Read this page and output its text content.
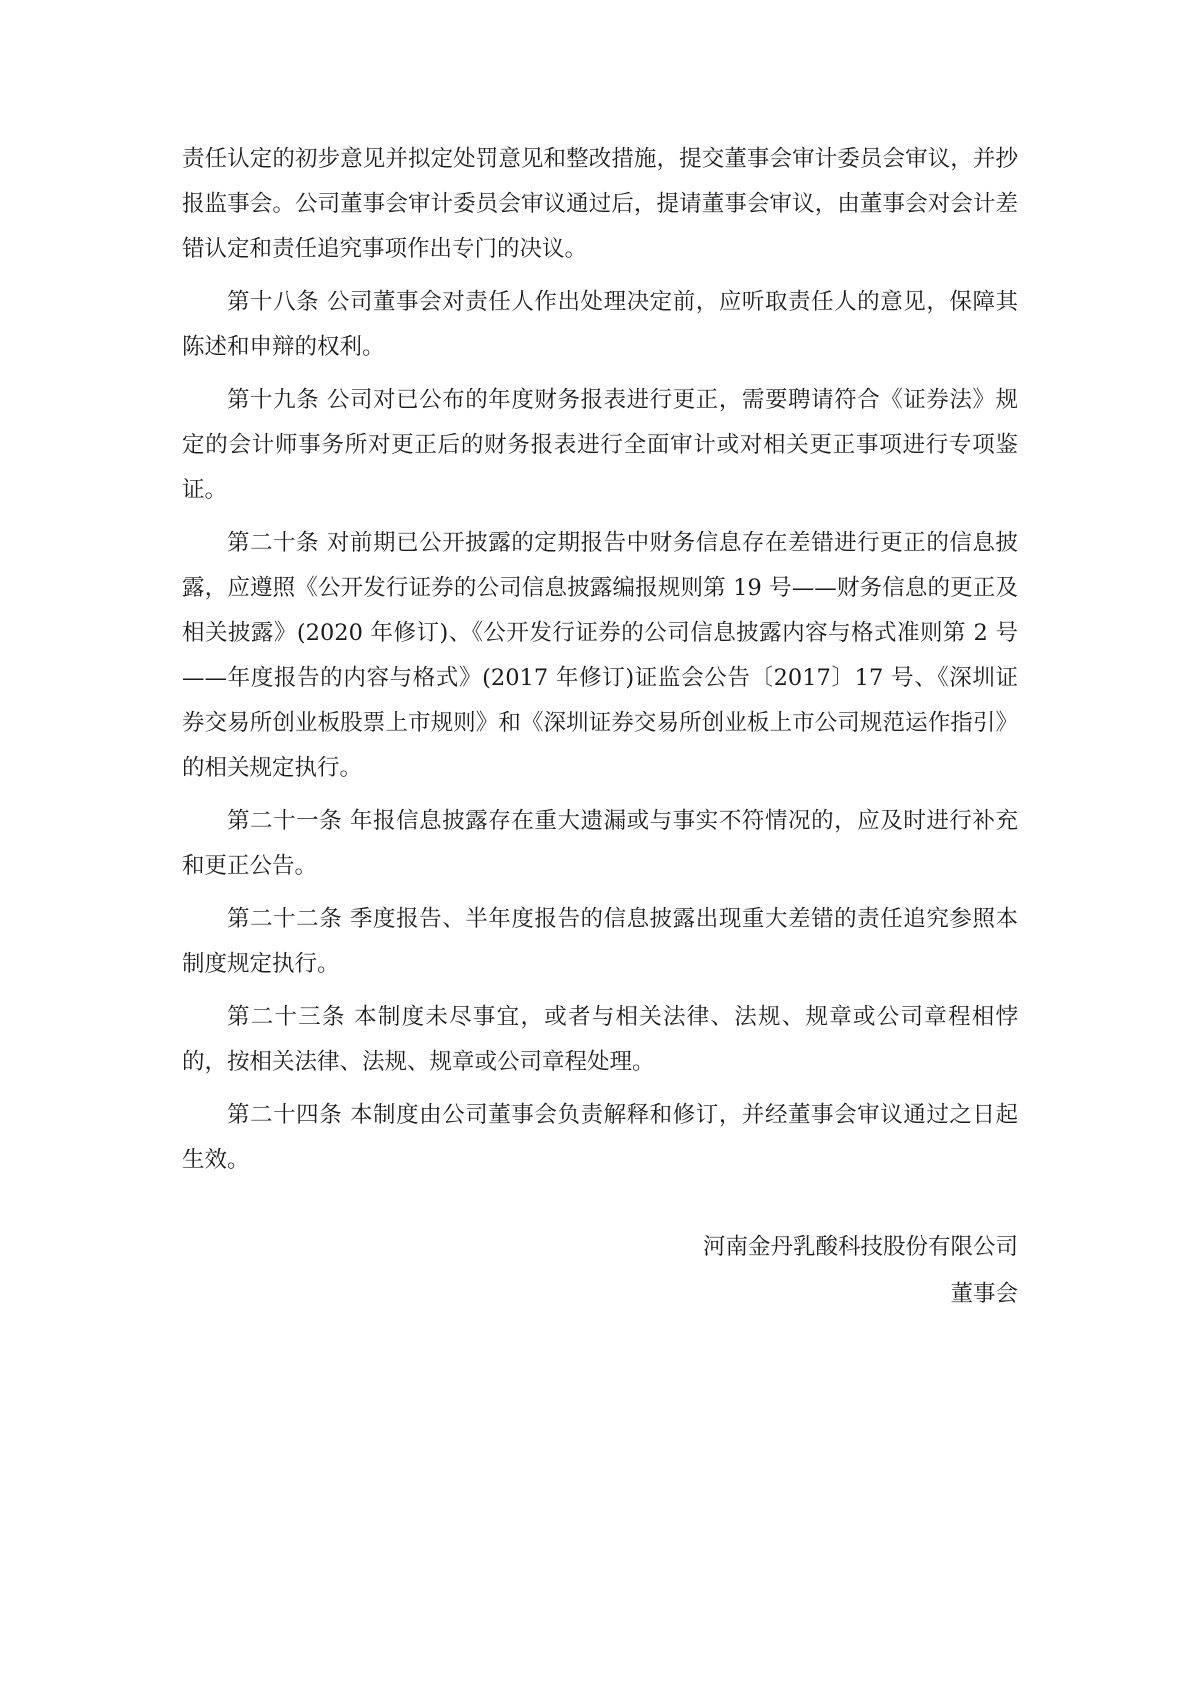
责任认定的初步意见并拟定处罚意见和整改措施，提交董事会审计委员会审议，并抄报监事会。公司董事会审计委员会审议通过后，提请董事会审议，由董事会对会计差错认定和责任追究事项作出专门的决议。

第十八条 公司董事会对责任人作出处理决定前，应听取责任人的意见，保障其陈述和申辩的权利。

第十九条 公司对已公布的年度财务报表进行更正，需要聘请符合《证券法》规定的会计师事务所对更正后的财务报表进行全面审计或对相关更正事项进行专项鉴证。

第二十条 对前期已公开披露的定期报告中财务信息存在差错进行更正的信息披露，应遵照《公开发行证券的公司信息披露编报规则第 19 号——财务信息的更正及相关披露》(2020 年修订)、《公开发行证券的公司信息披露内容与格式准则第 2 号——年度报告的内容与格式》(2017 年修订)证监会公告〔2017〕17 号、《深圳证券交易所创业板股票上市规则》和《深圳证券交易所创业板上市公司规范运作指引》的相关规定执行。

第二十一条 年报信息披露存在重大遗漏或与事实不符情况的，应及时进行补充和更正公告。

第二十二条 季度报告、半年度报告的信息披露出现重大差错的责任追究参照本制度规定执行。

第二十三条 本制度未尽事宜，或者与相关法律、法规、规章或公司章程相悖的，按相关法律、法规、规章或公司章程处理。

第二十四条 本制度由公司董事会负责解释和修订，并经董事会审议通过之日起生效。

河南金丹乳酸科技股份有限公司
董事会
